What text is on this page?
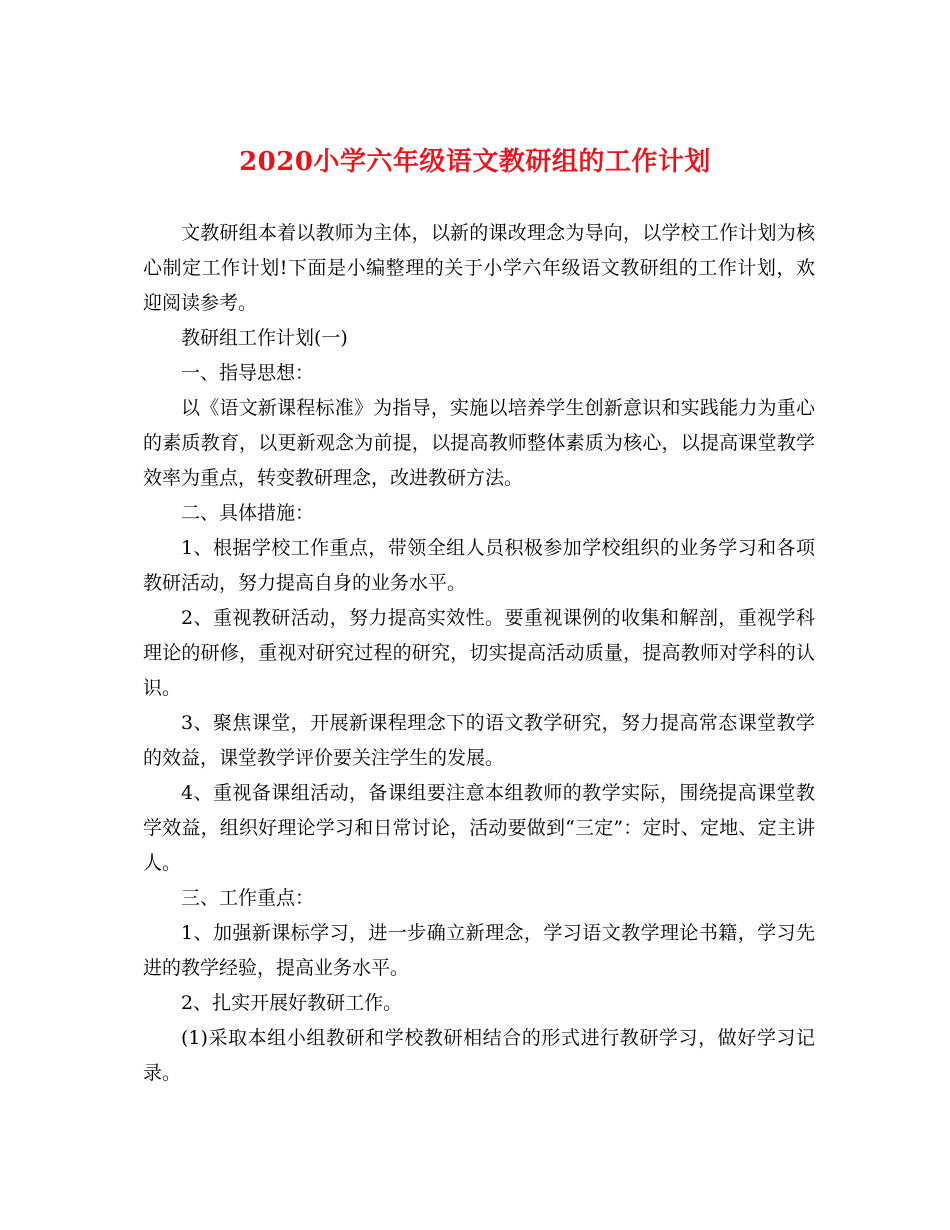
2020小学六年级语文教研组的工作计划

文教研组本着以教师为主体，以新的课改理念为导向，以学校工作计划为核心制定工作计划!下面是小编整理的关于小学六年级语文教研组的工作计划，欢迎阅读参考。

教研组工作计划(一)

一、指导思想：

以《语文新课程标准》为指导，实施以培养学生创新意识和实践能力为重心的素质教育，以更新观念为前提，以提高教师整体素质为核心，以提高课堂教学效率为重点，转变教研理念，改进教研方法。

二、具体措施：

1、根据学校工作重点，带领全组人员积极参加学校组织的业务学习和各项教研活动，努力提高自身的业务水平。

2、重视教研活动，努力提高实效性。要重视课例的收集和解剖，重视学科理论的研修，重视对研究过程的研究，切实提高活动质量，提高教师对学科的认识。

3、聚焦课堂，开展新课程理念下的语文教学研究，努力提高常态课堂教学的效益，课堂教学评价要关注学生的发展。

4、重视备课组活动，备课组要注意本组教师的教学实际，围绕提高课堂教学效益，组织好理论学习和日常讨论，活动要做到“三定”：定时、定地、定主讲人。

三、工作重点：

1、加强新课标学习，进一步确立新理念，学习语文教学理论书籍，学习先进的教学经验，提高业务水平。

2、扎实开展好教研工作。

(1)采取本组小组教研和学校教研相结合的形式进行教研学习，做好学习记录。
